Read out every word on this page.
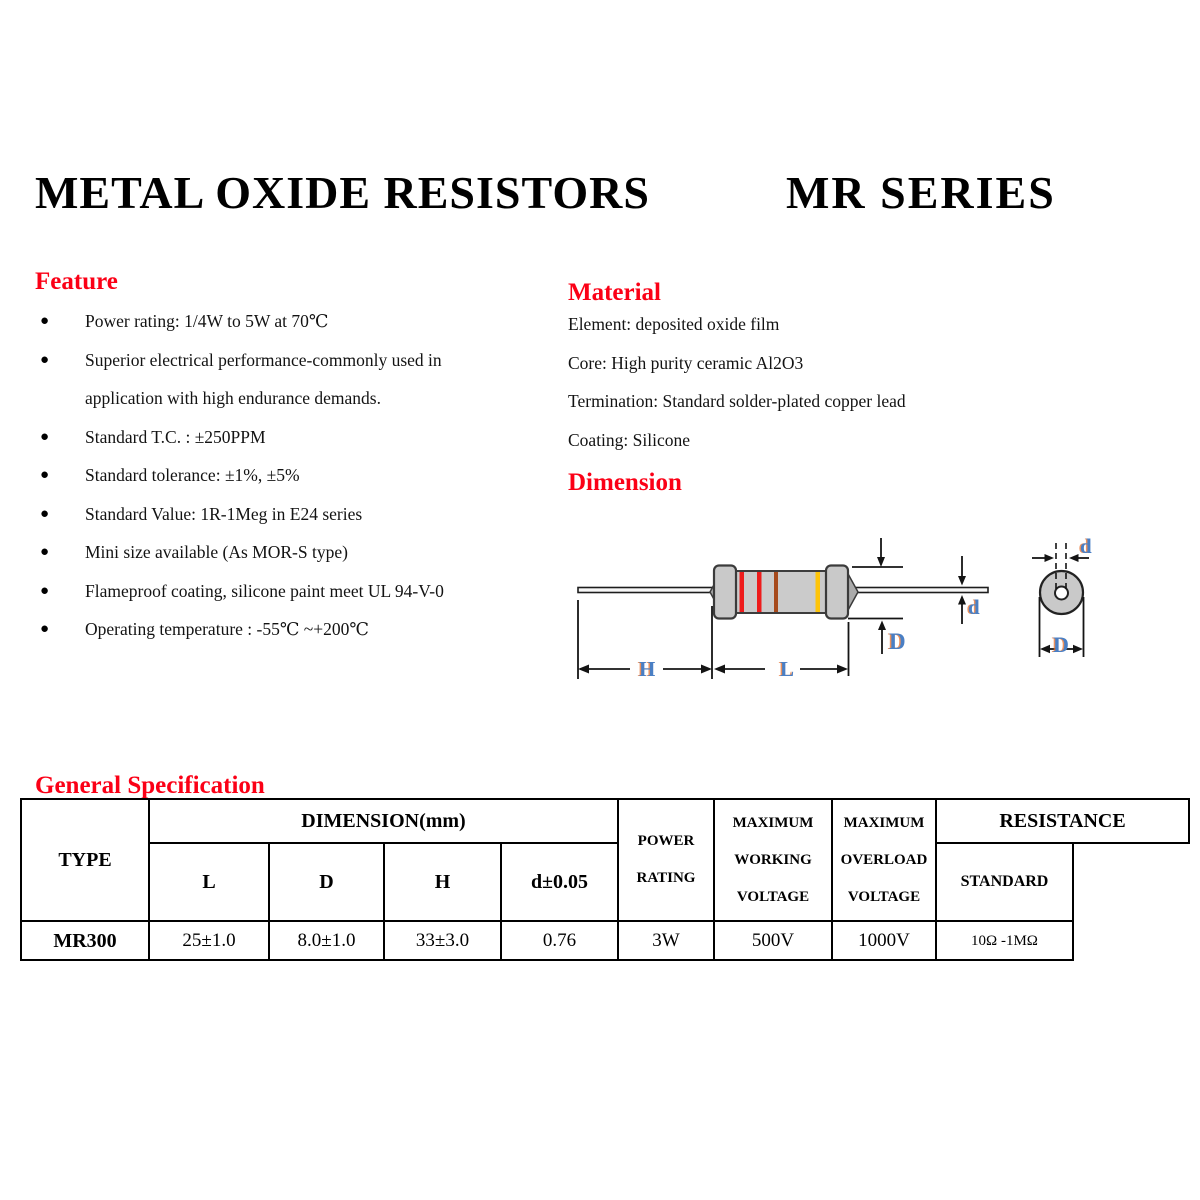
METAL OXIDE RESISTORS	MR SERIES
Feature
● Power rating: 1/4W to 5W at 70℃
● Superior electrical performance-commonly used in application with high endurance demands.
● Standard T.C. : ±250PPM
● Standard tolerance: ±1%, ±5%
● Standard Value: 1R-1Meg in E24 series
● Mini size available (As MOR-S type)
● Flameproof coating, silicone paint meet UL 94-V-0
● Operating temperature : -55℃ ~+200℃
Material
Element: deposited oxide film
Core: High purity ceramic Al2O3
Termination: Standard solder-plated copper lead
Coating: Silicone
Dimension
D
d
H	L
d
D
General Specification
TYPE
DIMENSION(mm)
L	D	H	d±0.05
POWER RATING
MAXIMUM WORKING VOLTAGE
MAXIMUM OVERLOAD VOLTAGE
RESISTANCE
STANDARD
MR300	25±1.0	8.0±1.0	33±3.0	0.76	3W	500V	1000V	10Ω -1MΩ
